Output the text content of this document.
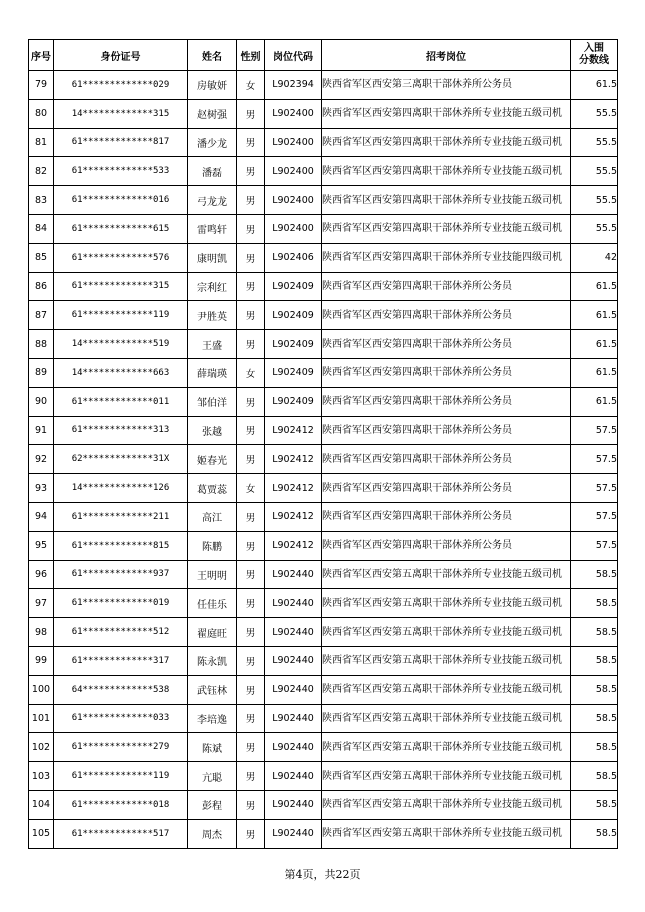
序号	身份证号	姓名	性别	岗位代码	招考岗位	入围
分数线

79	61*************029	房敏妍	女	L902394	陕西省军区西安第三离职干部休养所公务员	61.5
80	14*************315	赵树强	男	L902400	陕西省军区西安第四离职干部休养所专业技能五级司机	55.5
81	61*************817	潘少龙	男	L902400	陕西省军区西安第四离职干部休养所专业技能五级司机	55.5
82	61*************533	潘磊	男	L902400	陕西省军区西安第四离职干部休养所专业技能五级司机	55.5
83	61*************016	弓龙龙	男	L902400	陕西省军区西安第四离职干部休养所专业技能五级司机	55.5
84	61*************615	雷鸣轩	男	L902400	陕西省军区西安第四离职干部休养所专业技能五级司机	55.5
85	61*************576	康明凯	男	L902406	陕西省军区西安第四离职干部休养所专业技能四级司机	42
86	61*************315	宗利红	男	L902409	陕西省军区西安第四离职干部休养所公务员	61.5
87	61*************119	尹胜英	男	L902409	陕西省军区西安第四离职干部休养所公务员	61.5
88	14*************519	王盛	男	L902409	陕西省军区西安第四离职干部休养所公务员	61.5
89	14*************663	薛瑞瑛	女	L902409	陕西省军区西安第四离职干部休养所公务员	61.5
90	61*************011	邹伯洋	男	L902409	陕西省军区西安第四离职干部休养所公务员	61.5
91	61*************313	张越	男	L902412	陕西省军区西安第四离职干部休养所公务员	57.5
92	62*************31X	姬春光	男	L902412	陕西省军区西安第四离职干部休养所公务员	57.5
93	14*************126	葛贾蕊	女	L902412	陕西省军区西安第四离职干部休养所公务员	57.5
94	61*************211	高江	男	L902412	陕西省军区西安第四离职干部休养所公务员	57.5
95	61*************815	陈鹏	男	L902412	陕西省军区西安第四离职干部休养所公务员	57.5
96	61*************937	王明明	男	L902440	陕西省军区西安第五离职干部休养所专业技能五级司机	58.5
97	61*************019	任佳乐	男	L902440	陕西省军区西安第五离职干部休养所专业技能五级司机	58.5
98	61*************512	翟庭旺	男	L902440	陕西省军区西安第五离职干部休养所专业技能五级司机	58.5
99	61*************317	陈永凯	男	L902440	陕西省军区西安第五离职干部休养所专业技能五级司机	58.5
100	64*************538	武钰林	男	L902440	陕西省军区西安第五离职干部休养所专业技能五级司机	58.5
101	61*************033	李培逸	男	L902440	陕西省军区西安第五离职干部休养所专业技能五级司机	58.5
102	61*************279	陈斌	男	L902440	陕西省军区西安第五离职干部休养所专业技能五级司机	58.5
103	61*************119	亢聪	男	L902440	陕西省军区西安第五离职干部休养所专业技能五级司机	58.5
104	61*************018	彭程	男	L902440	陕西省军区西安第五离职干部休养所专业技能五级司机	58.5
105	61*************517	周杰	男	L902440	陕西省军区西安第五离职干部休养所专业技能五级司机	58.5
第4页，共22页
